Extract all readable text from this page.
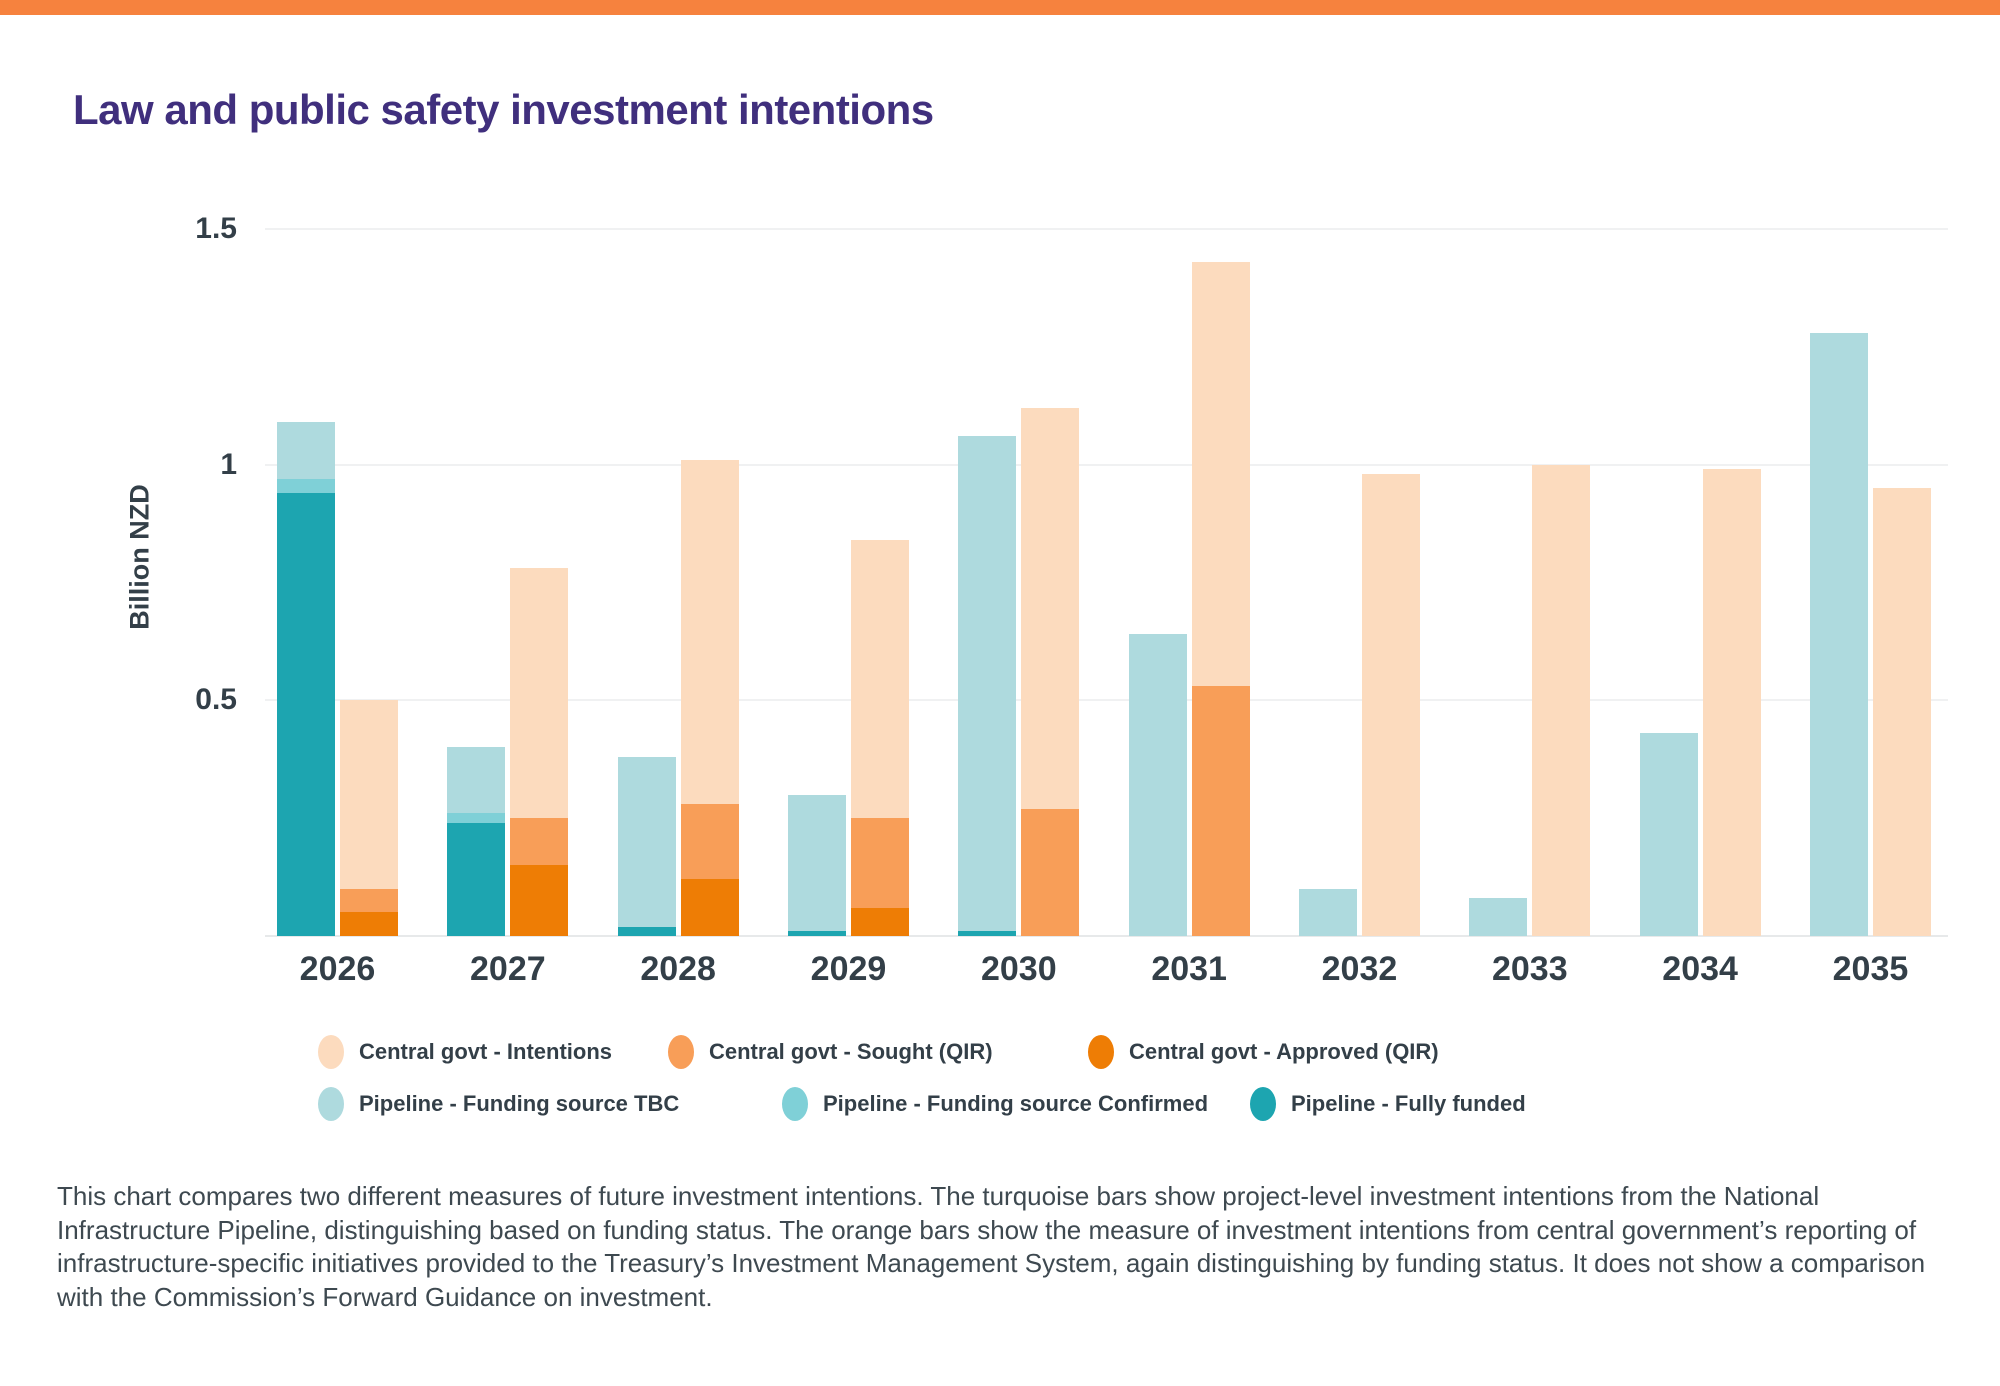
Law and public safety investment intentions
Billion NZD
0.5
1
1.5
2026	2027	2028	2029	2030	2031	2032	2033	2034	2035

This chart compares two different measures of future investment intentions. The turquoise bars show project-level investment intentions from the National Infrastructure Pipeline, distinguishing based on funding status. The orange bars show the measure of investment intentions from central government’s reporting of infrastructure-specific initiatives provided to the Treasury’s Investment Management System, again distinguishing by funding status. It does not show a comparison with the Commission’s Forward Guidance on investment.

Central govt - Intentions	Central govt - Sought (QIR)	Central govt - Approved (QIR)
Pipeline - Funding source TBC	Pipeline - Funding source Confirmed	Pipeline - Fully funded
